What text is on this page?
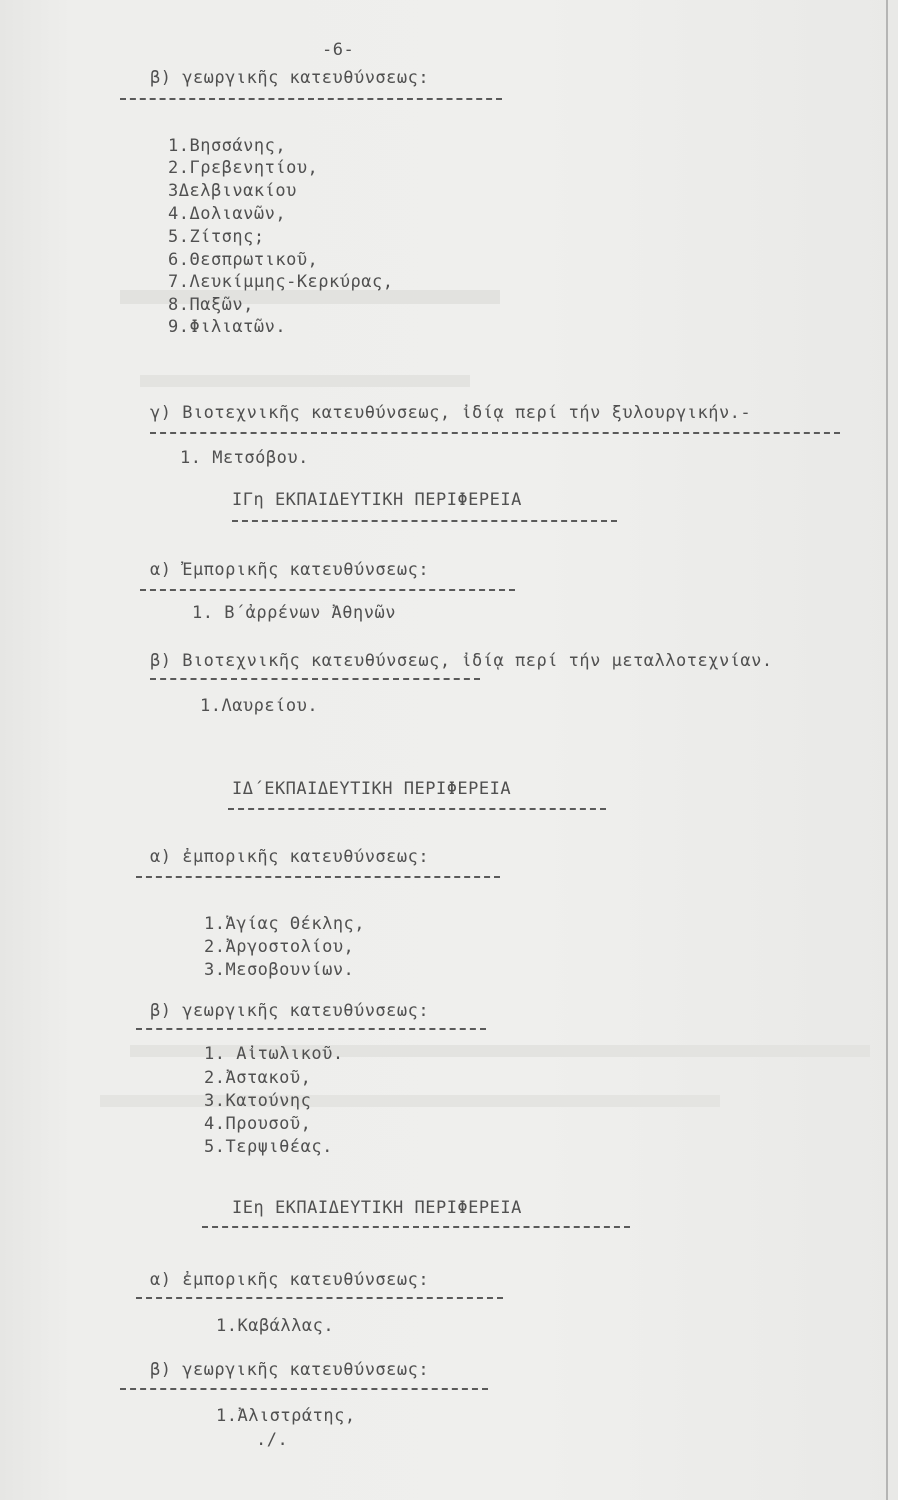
-6-
β) γεωργικῆς κατευθύνσεως:
1.Βησσάνης,
2.Γρεβενητίου,
3Δελβινακίου
4.Δολιανῶν,
5.Ζίτσης;
6.Θεσπρωτικοῦ,
7.Λευκίμμης-Κερκύρας,
8.Παξῶν,
9.Φιλιατῶν.
γ) Βιοτεχνικῆς κατευθύνσεως, ἰδίᾳ περί τήν ξυλουργικήν.-
1. Μετσόβου.
ΙΓη ΕΚΠΑΙΔΕΥΤΙΚΗ ΠΕΡΙΦΕΡΕΙΑ
α) Ἐμπορικῆς κατευθύνσεως:
1. Β΄ἀρρένων Ἀθηνῶν
β) Βιοτεχνικῆς κατευθύνσεως, ἰδίᾳ περί τήν μεταλλοτεχνίαν.
1.Λαυρείου.
ΙΔ΄ΕΚΠΑΙΔΕΥΤΙΚΗ ΠΕΡΙΦΕΡΕΙΑ
α) ἐμπορικῆς κατευθύνσεως:
1.Ἁγίας Θέκλης,
2.Ἀργοστολίου,
3.Μεσοβουνίων.
β) γεωργικῆς κατευθύνσεως:
1. Αἰτωλικοῦ.
2.Ἀστακοῦ,
3.Κατούνης
4.Προυσοῦ,
5.Τερψιθέας.
ΙΕη ΕΚΠΑΙΔΕΥΤΙΚΗ ΠΕΡΙΦΕΡΕΙΑ
α) ἐμπορικῆς κατευθύνσεως:
1.Καβάλλας.
β) γεωργικῆς κατευθύνσεως:
1.Ἀλιστράτης,
./.
